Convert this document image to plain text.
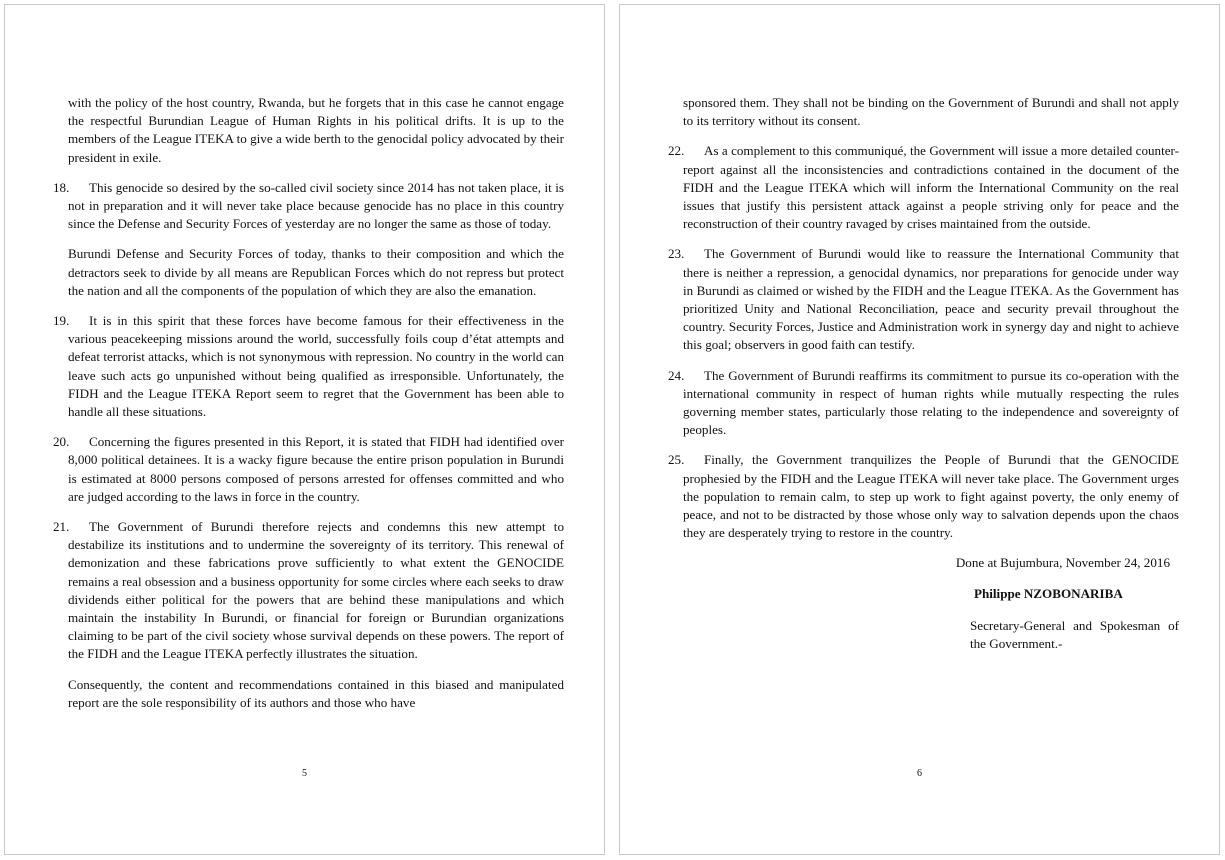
with the policy of the host country, Rwanda, but he forgets that in this case he cannot engage the respectful Burundian League of Human Rights in his political drifts. It is up to the members of the League ITEKA to give a wide berth to the genocidal policy advocated by their president in exile.

18. This genocide so desired by the so-called civil society since 2014 has not taken place, it is not in preparation and it will never take place because genocide has no place in this country since the Defense and Security Forces of yesterday are no longer the same as those of today.

Burundi Defense and Security Forces of today, thanks to their composition and which the detractors seek to divide by all means are Republican Forces which do not repress but protect the nation and all the components of the population of which they are also the emanation.

19. It is in this spirit that these forces have become famous for their effectiveness in the various peacekeeping missions around the world, successfully foils coup d’état attempts and defeat terrorist attacks, which is not synonymous with repression. No country in the world can leave such acts go unpunished without being qualified as irresponsible. Unfortunately, the FIDH and the League ITEKA Report seem to regret that the Government has been able to handle all these situations.

20. Concerning the figures presented in this Report, it is stated that FIDH had identified over 8,000 political detainees. It is a wacky figure because the entire prison population in Burundi is estimated at 8000 persons composed of persons arrested for offenses committed and who are judged according to the laws in force in the country.

21. The Government of Burundi therefore rejects and condemns this new attempt to destabilize its institutions and to undermine the sovereignty of its territory. This renewal of demonization and these fabrications prove sufficiently to what extent the GENOCIDE remains a real obsession and a business opportunity for some circles where each seeks to draw dividends either political for the powers that are behind these manipulations and which maintain the instability In Burundi, or financial for foreign or Burundian organizations claiming to be part of the civil society whose survival depends on these powers. The report of the FIDH and the League ITEKA perfectly illustrates the situation.

Consequently, the content and recommendations contained in this biased and manipulated report are the sole responsibility of its authors and those who have

5

sponsored them. They shall not be binding on the Government of Burundi and shall not apply to its territory without its consent.

22. As a complement to this communiqué, the Government will issue a more detailed counter-report against all the inconsistencies and contradictions contained in the document of the FIDH and the League ITEKA which will inform the International Community on the real issues that justify this persistent attack against a people striving only for peace and the reconstruction of their country ravaged by crises maintained from the outside.

23. The Government of Burundi would like to reassure the International Community that there is neither a repression, a genocidal dynamics, nor preparations for genocide under way in Burundi as claimed or wished by the FIDH and the League ITEKA. As the Government has prioritized Unity and National Reconciliation, peace and security prevail throughout the country. Security Forces, Justice and Administration work in synergy day and night to achieve this goal; observers in good faith can testify.

24. The Government of Burundi reaffirms its commitment to pursue its co-operation with the international community in respect of human rights while mutually respecting the rules governing member states, particularly those relating to the independence and sovereignty of peoples.

25. Finally, the Government tranquilizes the People of Burundi that the GENOCIDE prophesied by the FIDH and the League ITEKA will never take place. The Government urges the population to remain calm, to step up work to fight against poverty, the only enemy of peace, and not to be distracted by those whose only way to salvation depends upon the chaos they are desperately trying to restore in the country.

Done at Bujumbura, November 24, 2016

Philippe NZOBONARIBA

Secretary-General and Spokesman of the Government.-

6
